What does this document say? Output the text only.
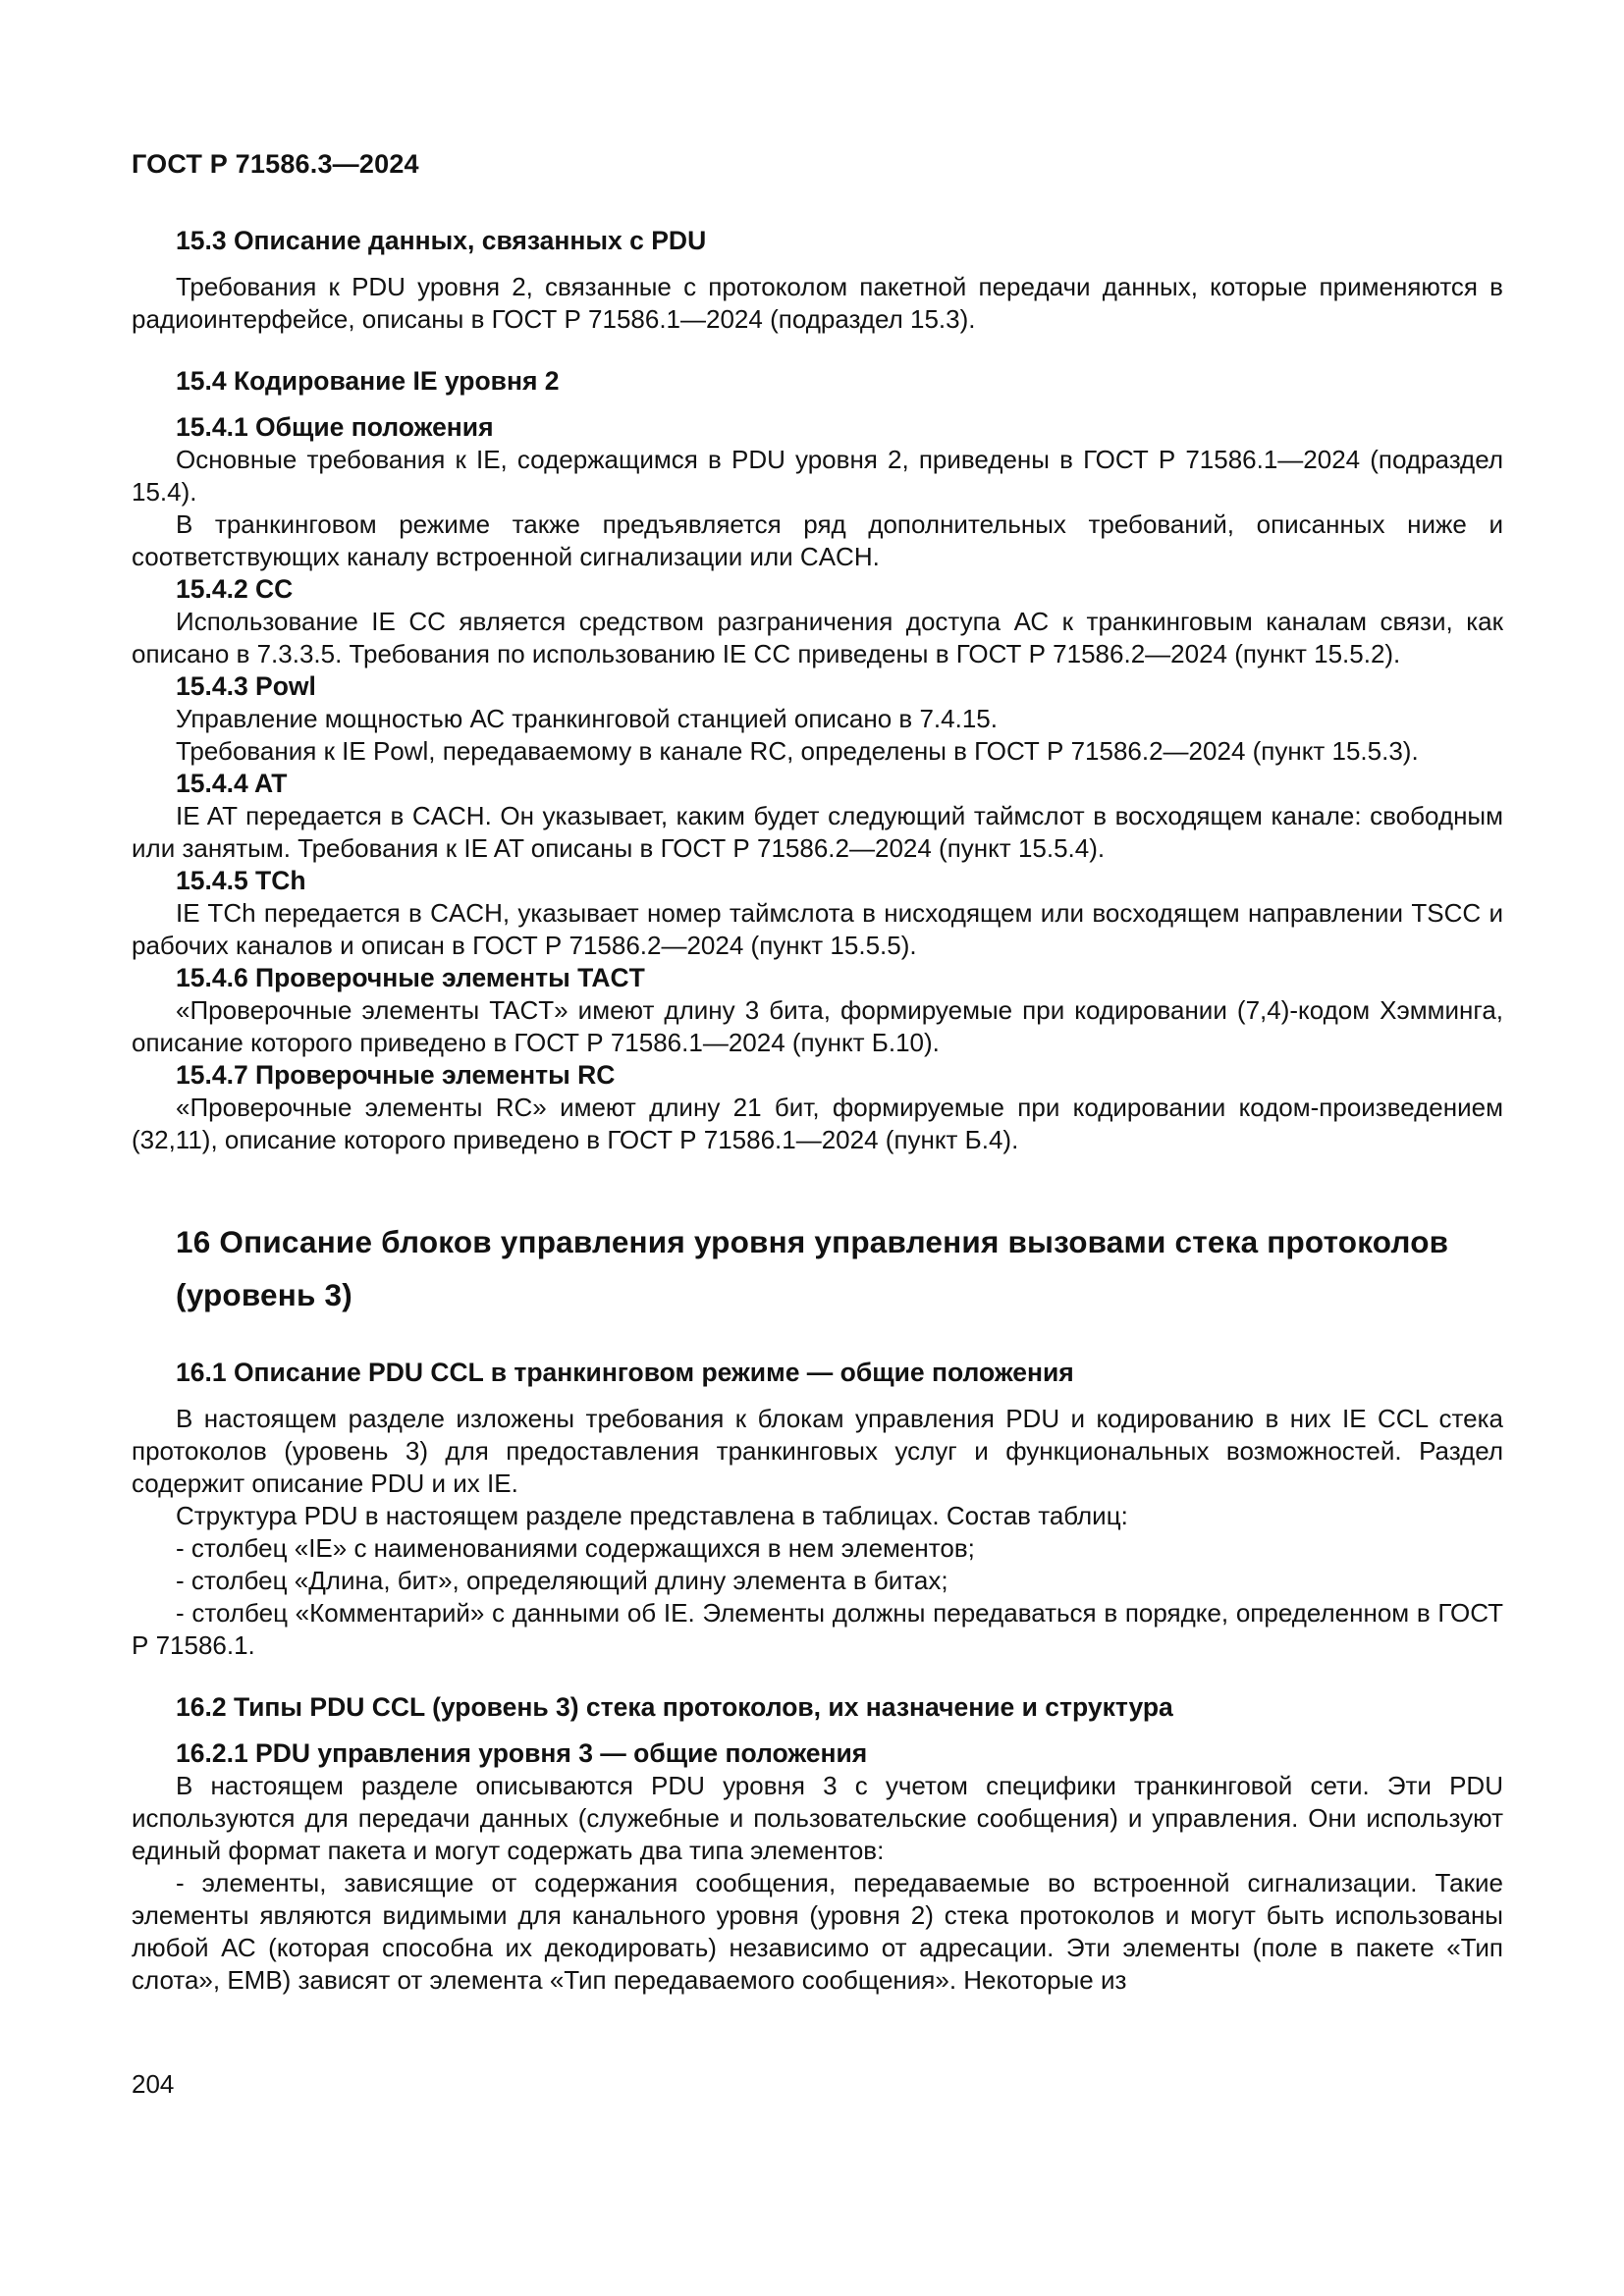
ГОСТ Р 71586.3—2024
15.3 Описание данных, связанных с PDU

Требования к PDU уровня 2, связанные с протоколом пакетной передачи данных, которые применяются в радиоинтерфейсе, описаны в ГОСТ Р 71586.1—2024 (подраздел 15.3).

15.4 Кодирование IE уровня 2
15.4.1 Общие положения

Основные требования к IE, содержащимся в PDU уровня 2, приведены в ГОСТ Р 71586.1—2024 (подраздел 15.4).

В транкинговом режиме также предъявляется ряд дополнительных требований, описанных ниже и соответствующих каналу встроенной сигнализации или CACH.

15.4.2 CC

Использование IE CC является средством разграничения доступа АС к транкинговым каналам связи, как описано в 7.3.3.5. Требования по использованию IE CC приведены в ГОСТ Р 71586.2—2024 (пункт 15.5.2).

15.4.3 Powl

Управление мощностью АС транкинговой станцией описано в 7.4.15.

Требования к IE Powl, передаваемому в канале RC, определены в ГОСТ Р 71586.2—2024 (пункт 15.5.3).

15.4.4 AT

IE AT передается в CACH. Он указывает, каким будет следующий таймслот в восходящем канале: свободным или занятым. Требования к IE AT описаны в ГОСТ Р 71586.2—2024 (пункт 15.5.4).

15.4.5 TCh

IE TCh передается в CACH, указывает номер таймслота в нисходящем или восходящем направлении TSCC и рабочих каналов и описан в ГОСТ Р 71586.2—2024 (пункт 15.5.5).

15.4.6 Проверочные элементы TACT

«Проверочные элементы TACT» имеют длину 3 бита, формируемые при кодировании (7,4)-кодом Хэмминга, описание которого приведено в ГОСТ Р 71586.1—2024 (пункт Б.10).

15.4.7 Проверочные элементы RC

«Проверочные элементы RC» имеют длину 21 бит, формируемые при кодировании кодом-произведением (32,11), описание которого приведено в ГОСТ Р 71586.1—2024 (пункт Б.4).

16 Описание блоков управления уровня управления вызовами стека протоколов (уровень 3)
16.1 Описание PDU CCL в транкинговом режиме — общие положения

В настоящем разделе изложены требования к блокам управления PDU и кодированию в них IE CCL стека протоколов (уровень 3) для предоставления транкинговых услуг и функциональных возможностей. Раздел содержит описание PDU и их IE.

Структура PDU в настоящем разделе представлена в таблицах. Состав таблиц:

- столбец «IE» с наименованиями содержащихся в нем элементов;

- столбец «Длина, бит», определяющий длину элемента в битах;

- столбец «Комментарий» с данными об IE. Элементы должны передаваться в порядке, определенном в ГОСТ Р 71586.1.

16.2 Типы PDU CCL (уровень 3) стека протоколов, их назначение и структура
16.2.1 PDU управления уровня 3 — общие положения

В настоящем разделе описываются PDU уровня 3 с учетом специфики транкинговой сети. Эти PDU используются для передачи данных (служебные и пользовательские сообщения) и управления. Они используют единый формат пакета и могут содержать два типа элементов:

- элементы, зависящие от содержания сообщения, передаваемые во встроенной сигнализации. Такие элементы являются видимыми для канального уровня (уровня 2) стека протоколов и могут быть использованы любой АС (которая способна их декодировать) независимо от адресации. Эти элементы (поле в пакете «Тип слота», EMB) зависят от элемента «Тип передаваемого сообщения». Некоторые из

204
